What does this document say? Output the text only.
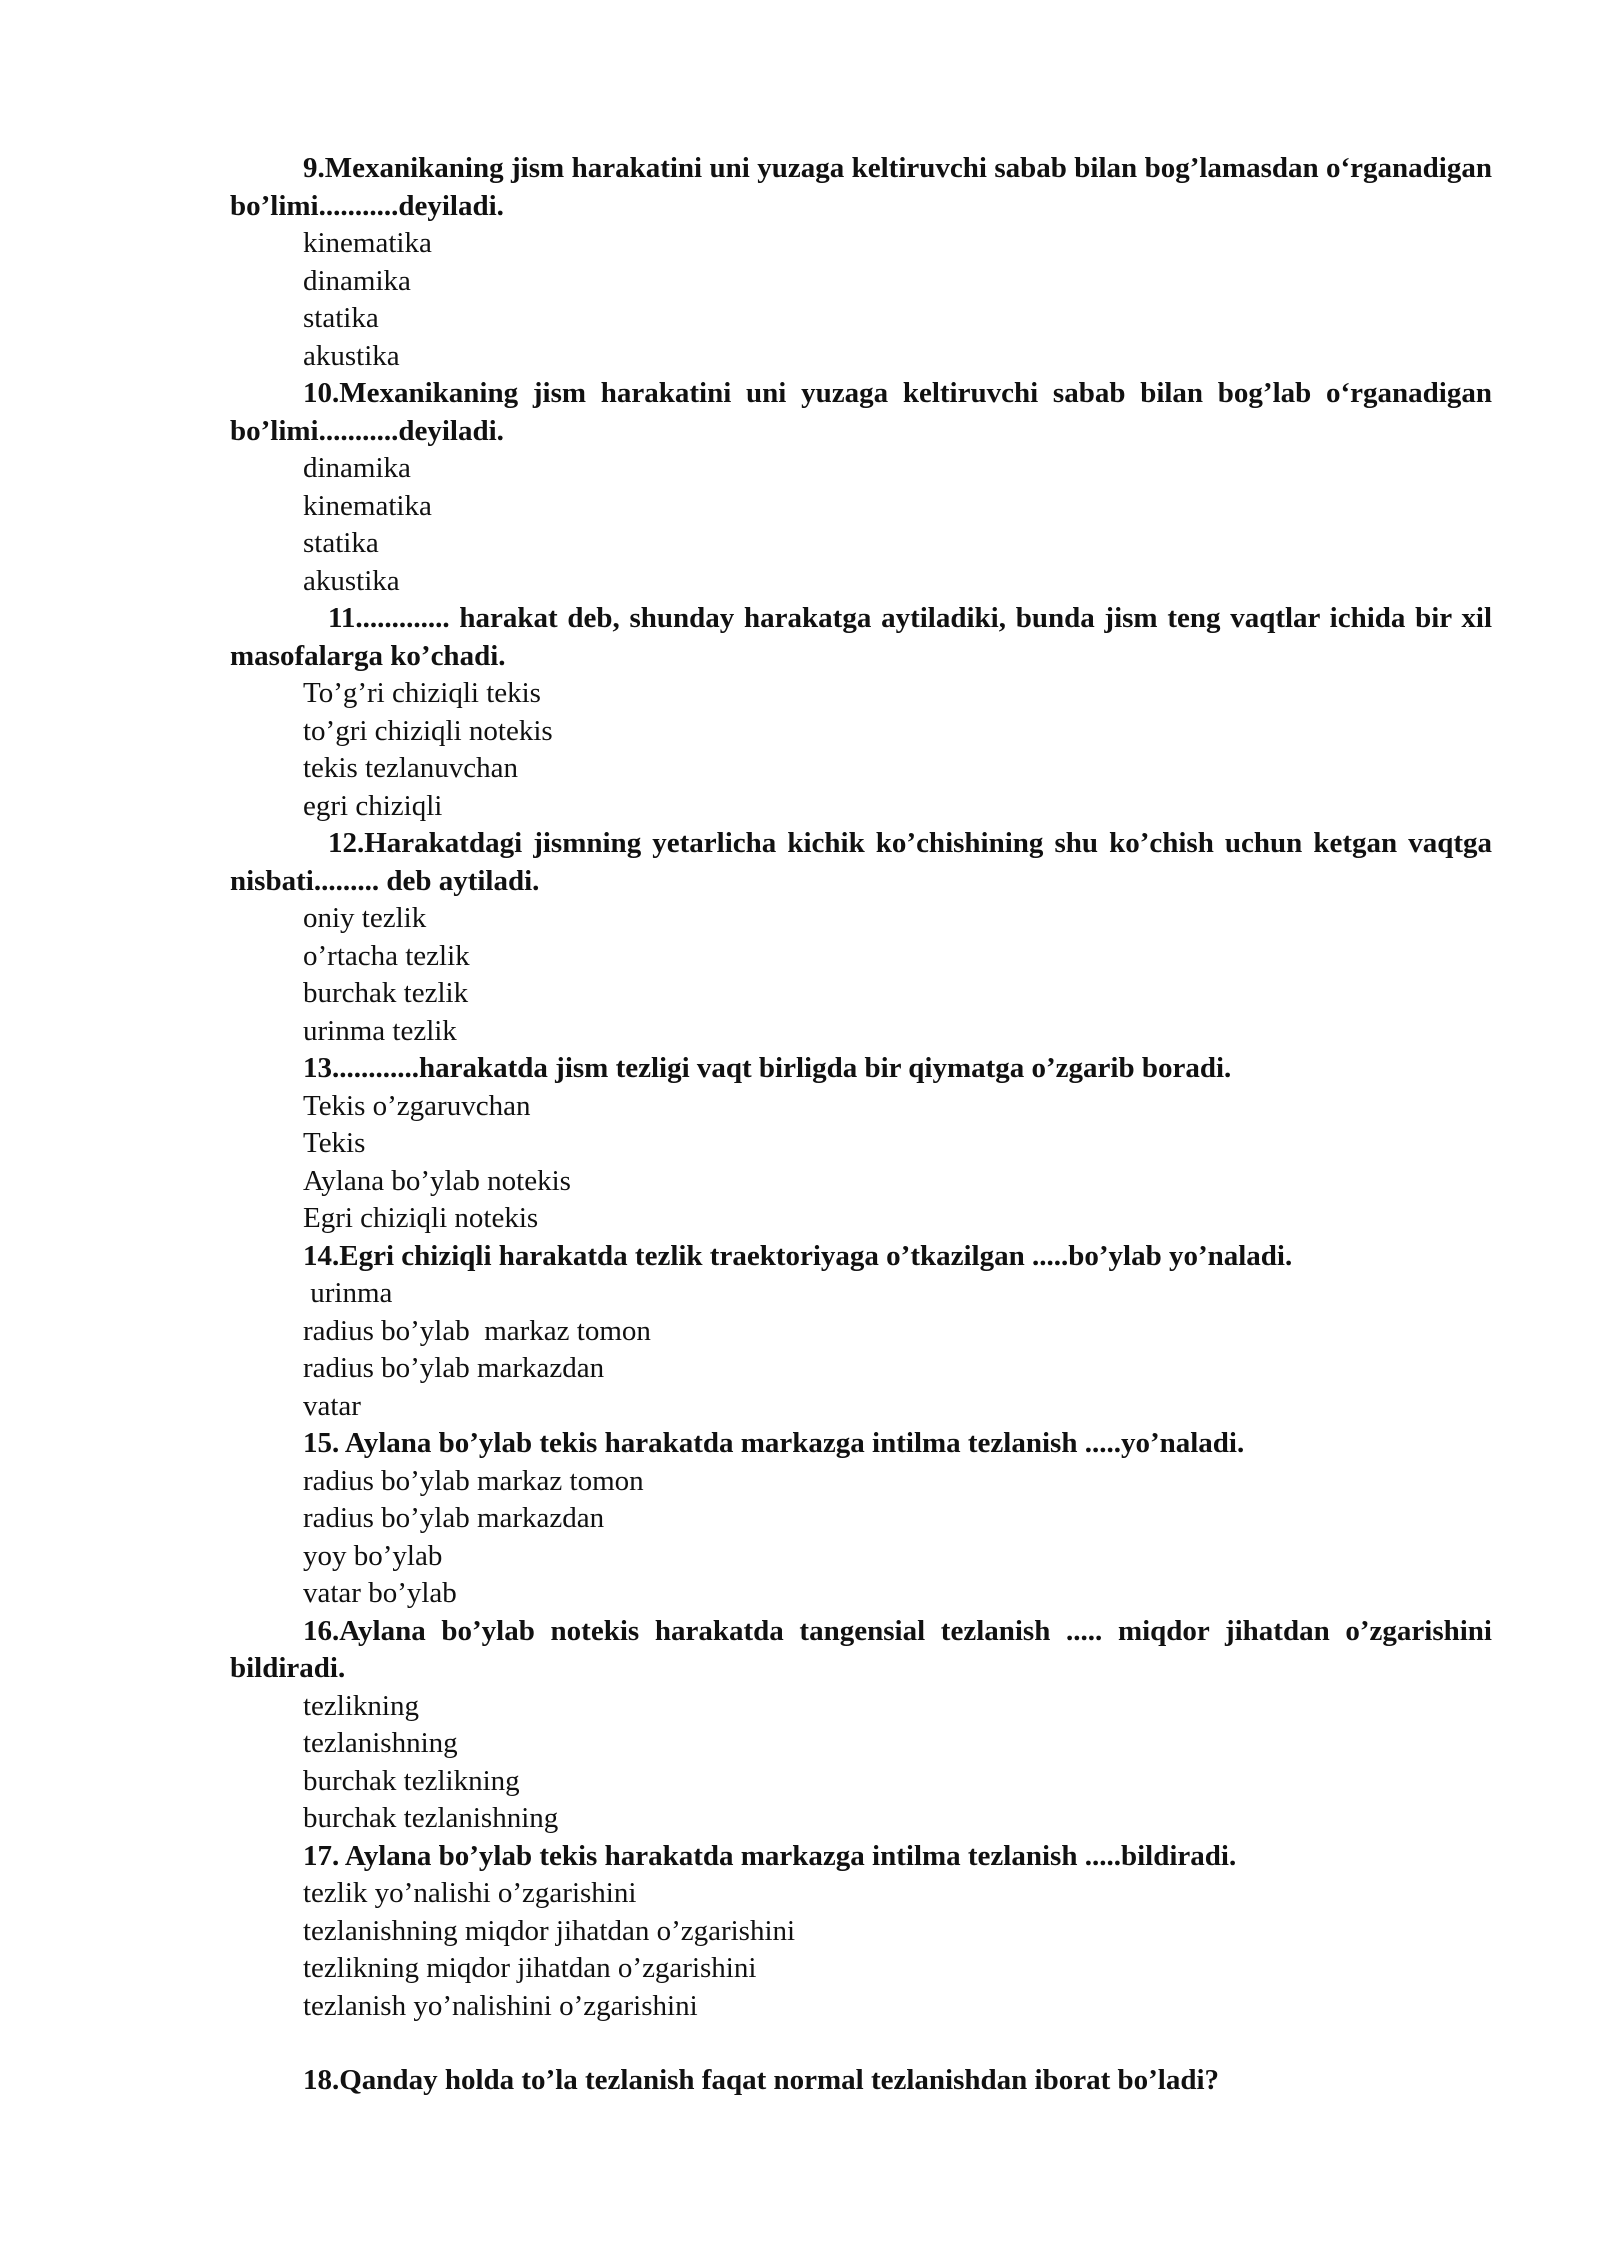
9.Mexanikaning jism harakatini uni yuzaga keltiruvchi sabab bilan bog’lamasdan o‘rganadigan bo’limi...........deyiladi.

kinematika
dinamika
statika
akustika

10.Mexanikaning jism harakatini uni yuzaga keltiruvchi sabab bilan bog’lab o‘rganadigan bo’limi...........deyiladi.

dinamika
kinematika
statika
akustika

11............. harakat deb, shunday harakatga aytiladiki, bunda jism teng vaqtlar ichida bir xil masofalarga ko’chadi.

To’g’ri chiziqli tekis
to’gri chiziqli notekis
tekis tezlanuvchan
egri chiziqli

12.Harakatdagi jismning yetarlicha kichik ko’chishining shu ko’chish uchun ketgan vaqtga nisbati......... deb aytiladi.

oniy tezlik
o’rtacha tezlik
burchak tezlik
urinma tezlik

13............harakatda jism tezligi vaqt birligda bir qiymatga o’zgarib boradi.

Tekis o’zgaruvchan
Tekis
Aylana bo’ylab notekis
Egri chiziqli notekis

14.Egri chiziqli harakatda tezlik traektoriyaga o’tkazilgan .....bo’ylab yo’naladi.

urinma
radius bo’ylab  markaz tomon
radius bo’ylab markazdan
vatar

15. Aylana bo’ylab tekis harakatda markazga intilma tezlanish .....yo’naladi.

radius bo’ylab markaz tomon
radius bo’ylab markazdan
yoy bo’ylab
vatar bo’ylab

16.Aylana bo’ylab notekis harakatda tangensial tezlanish ..... miqdor jihatdan o’zgarishini bildiradi.

tezlikning
tezlanishning
burchak tezlikning
burchak tezlanishning

17. Aylana bo’ylab tekis harakatda markazga intilma tezlanish .....bildiradi.

tezlik yo’nalishi o’zgarishini
tezlanishning miqdor jihatdan o’zgarishini
tezlikning miqdor jihatdan o’zgarishini
tezlanish yo’nalishini o’zgarishini

18.Qanday holda to’la tezlanish faqat normal tezlanishdan iborat bo’ladi?
